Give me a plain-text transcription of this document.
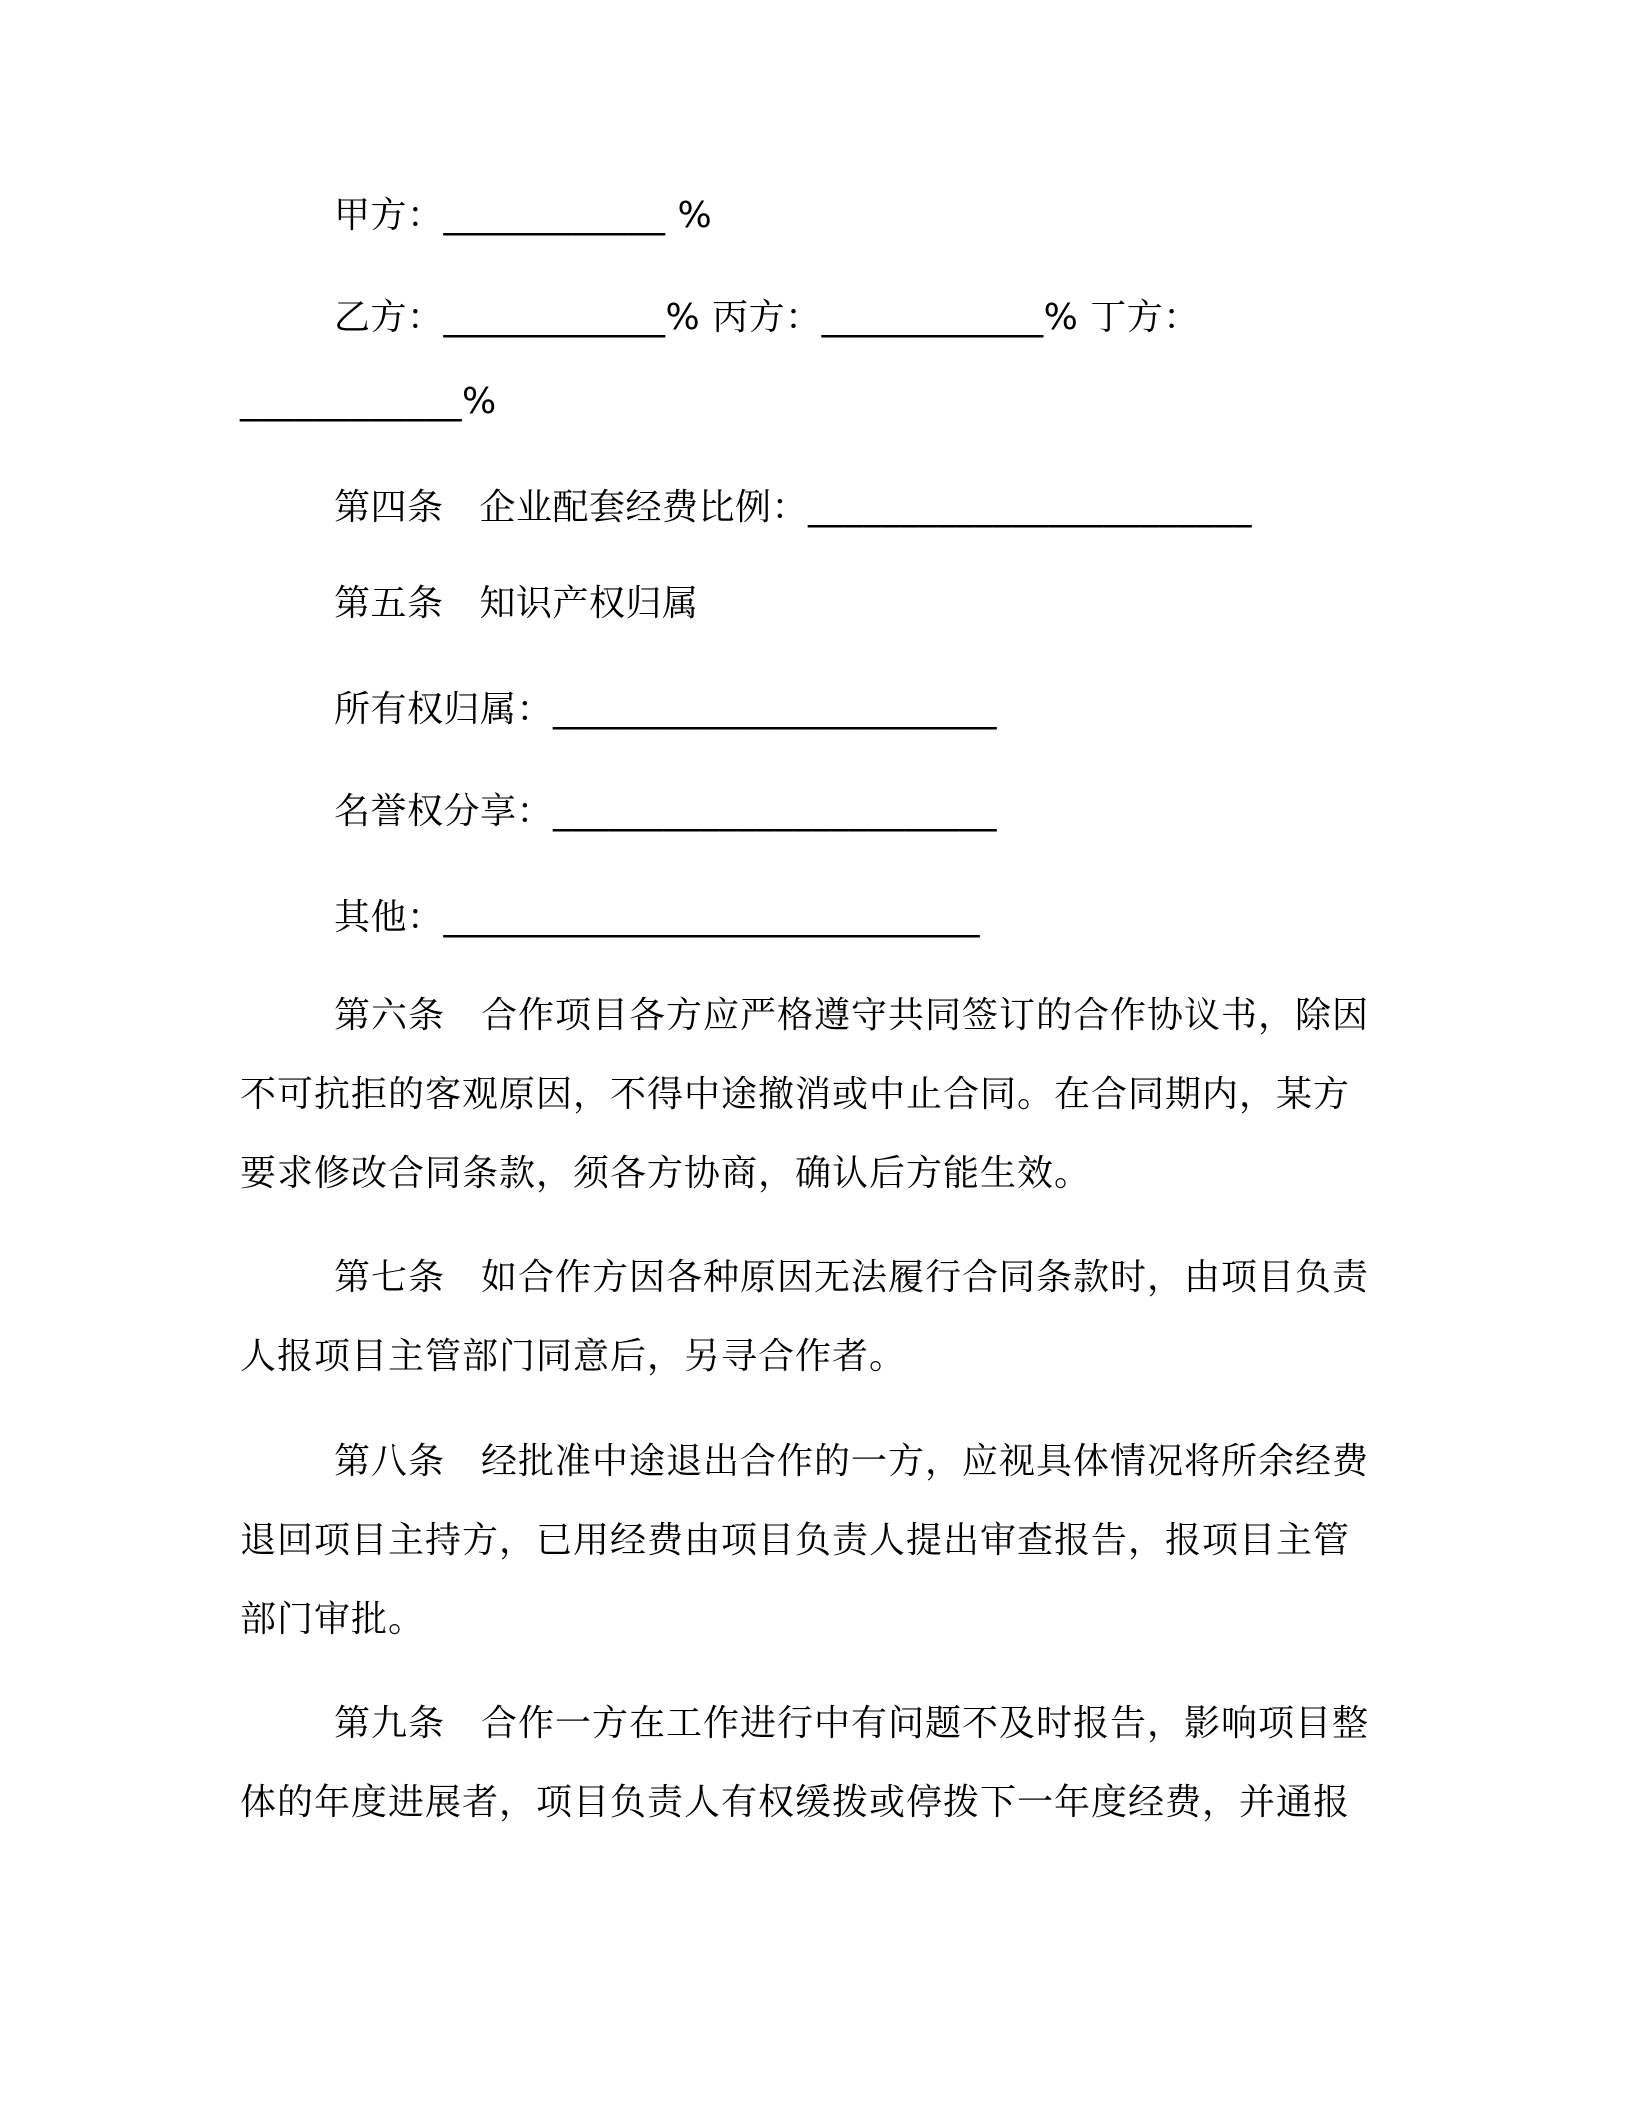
甲方：____________ %
乙方：____________% 丙方：____________% 丁方：
____________%
第四条 企业配套经费比例：________________________
第五条 知识产权归属
所有权归属：________________________
名誉权分享：________________________
其他：_____________________________
第六条 合作项目各方应严格遵守共同签订的合作协议书，除因不可抗拒的客观原因，不得中途撤消或中止合同。在合同期内，某方要求修改合同条款，须各方协商，确认后方能生效。
第七条 如合作方因各种原因无法履行合同条款时，由项目负责人报项目主管部门同意后，另寻合作者。
第八条 经批准中途退出合作的一方，应视具体情况将所余经费退回项目主持方，已用经费由项目负责人提出审查报告，报项目主管部门审批。
第九条 合作一方在工作进行中有问题不及时报告，影响项目整体的年度进展者，项目负责人有权缓拨或停拨下一年度经费，并通报
